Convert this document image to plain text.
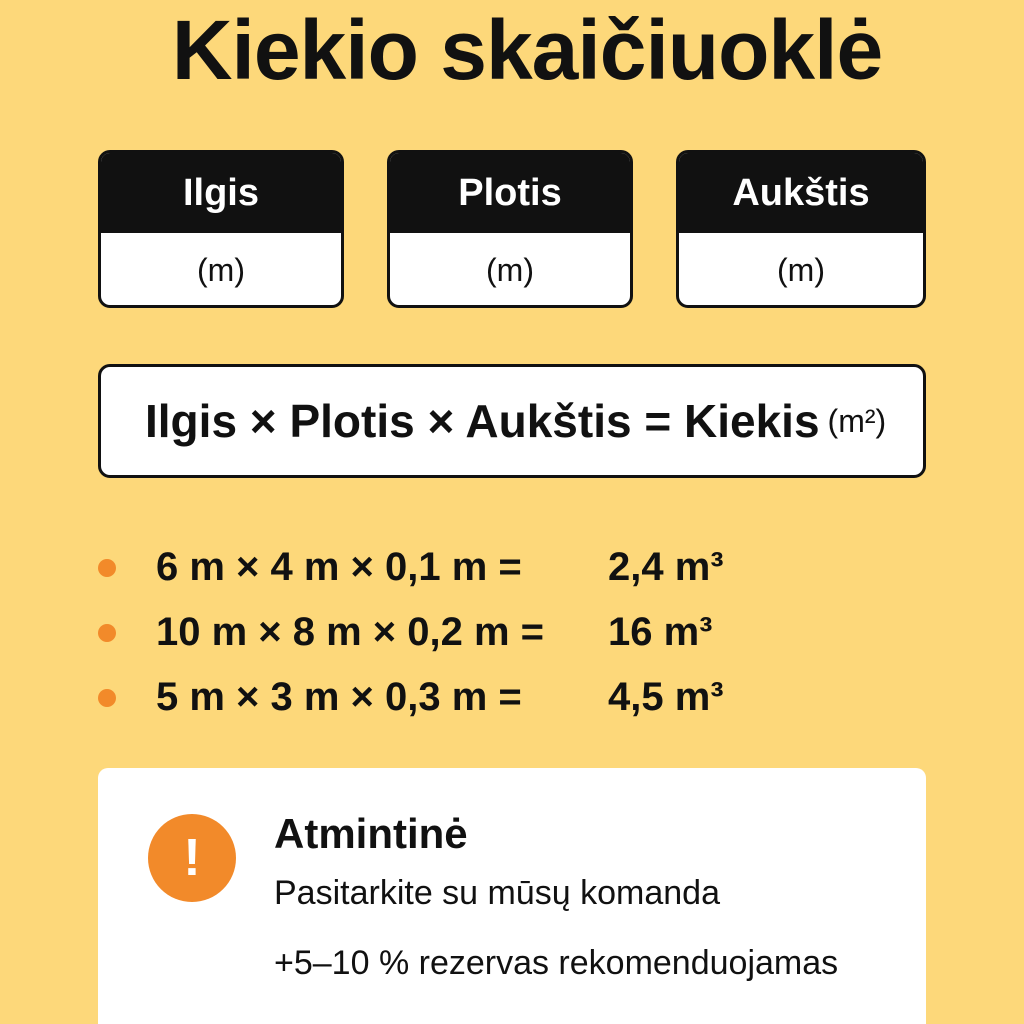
Kiekio skaičiuoklė
Ilgis
(m)
Plotis
(m)
Aukštis
(m)
Ilgis × Plotis × Aukštis = Kiekis (m²)
6 m × 4 m × 0,1 m = 2,4 m³
10 m × 8 m × 0,2 m = 16 m³
5 m × 3 m × 0,3 m = 4,5 m³
!	Atmintinė
Pasitarkite su mūsų komanda
+5–10 % rezervas rekomenduojamas
